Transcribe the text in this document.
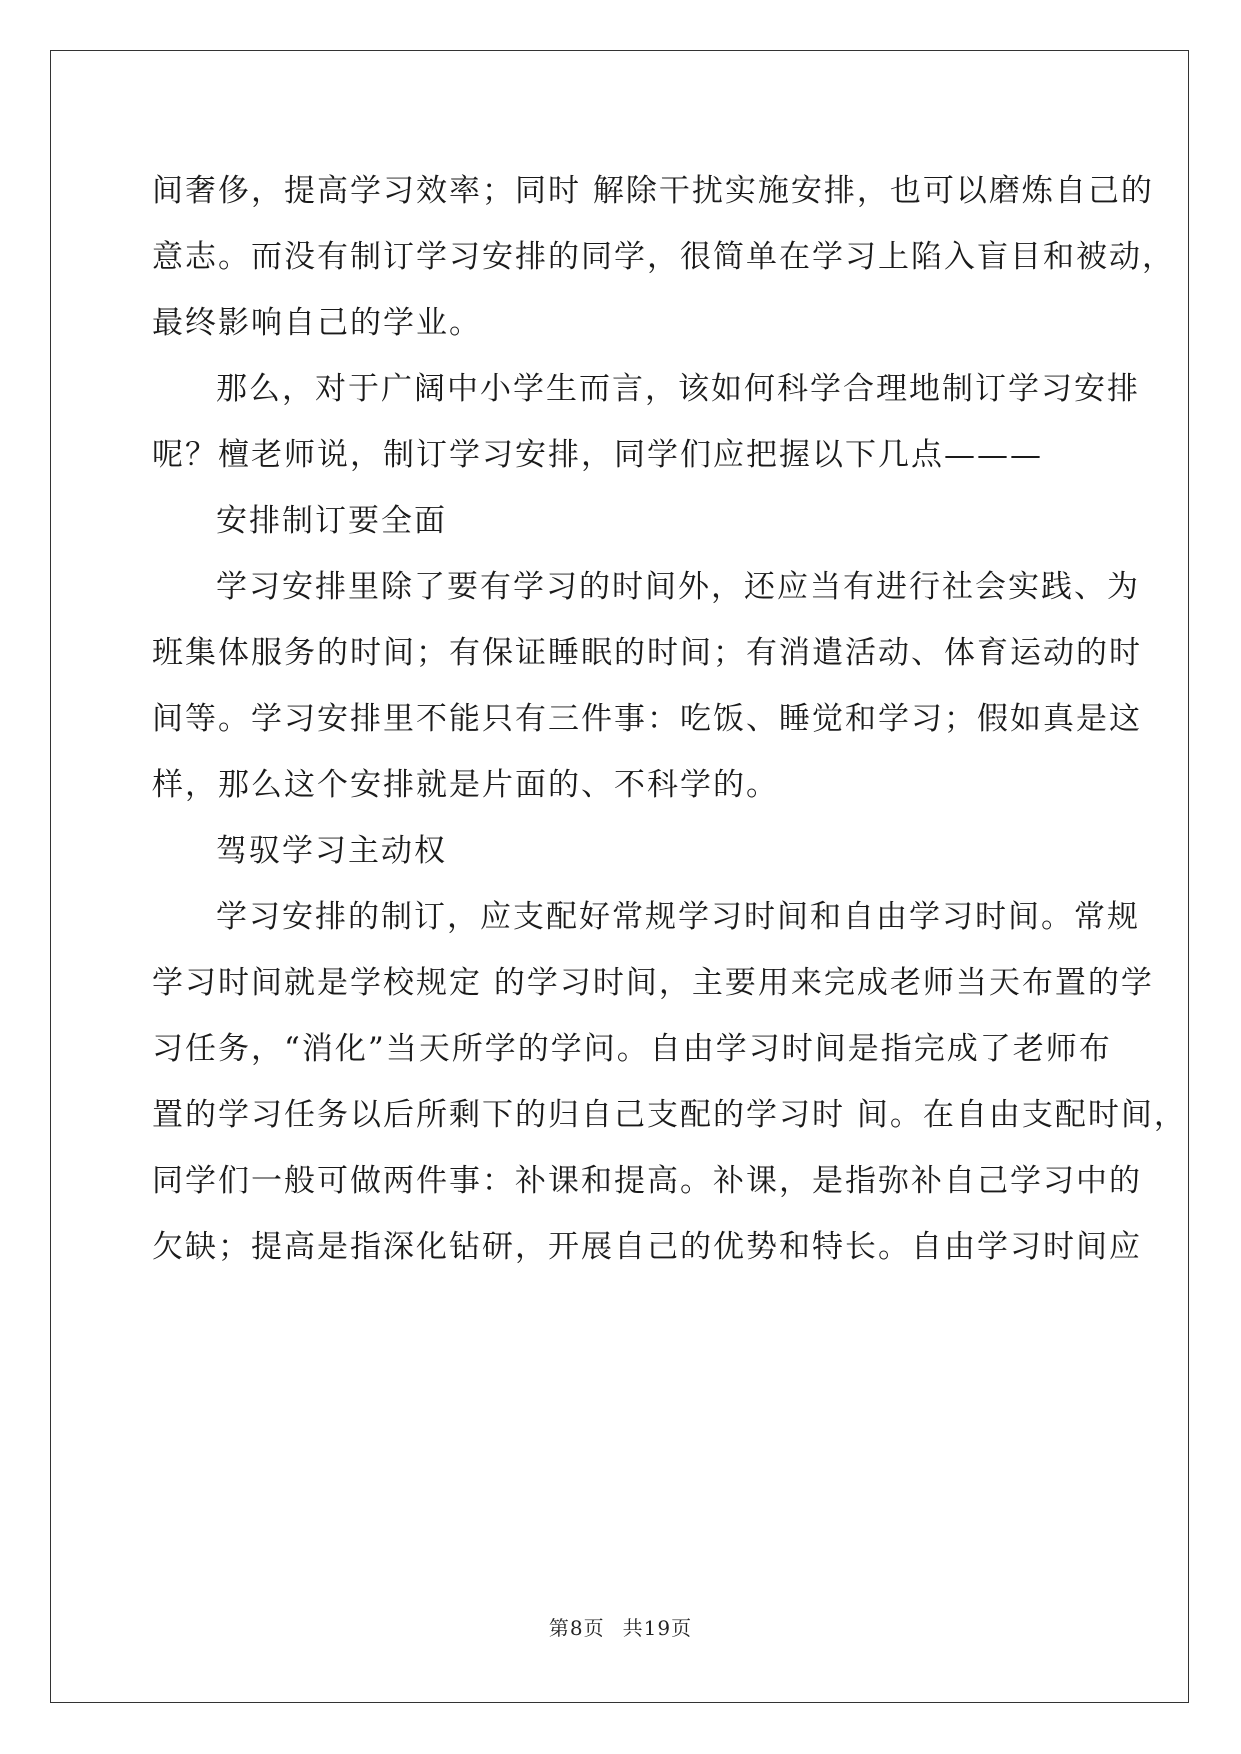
间奢侈，提高学习效率；同时 解除干扰实施安排，也可以磨炼自己的
意志。而没有制订学习安排的同学，很简单在学习上陷入盲目和被动，
最终影响自己的学业。
那么，对于广阔中小学生而言，该如何科学合理地制订学习安排
呢？檀老师说，制订学习安排，同学们应把握以下几点———
安排制订要全面
学习安排里除了要有学习的时间外，还应当有进行社会实践、为
班集体服务的时间；有保证睡眠的时间；有消遣活动、体育运动的时
间等。学习安排里不能只有三件事：吃饭、睡觉和学习；假如真是这
样，那么这个安排就是片面的、不科学的。
驾驭学习主动权
学习安排的制订，应支配好常规学习时间和自由学习时间。常规
学习时间就是学校规定 的学习时间，主要用来完成老师当天布置的学
习任务，“消化”当天所学的学问。自由学习时间是指完成了老师布
置的学习任务以后所剩下的归自己支配的学习时 间。在自由支配时间，
同学们一般可做两件事：补课和提高。补课，是指弥补自己学习中的
欠缺；提高是指深化钻研，开展自己的优势和特长。自由学习时间应
第8页 共19页
